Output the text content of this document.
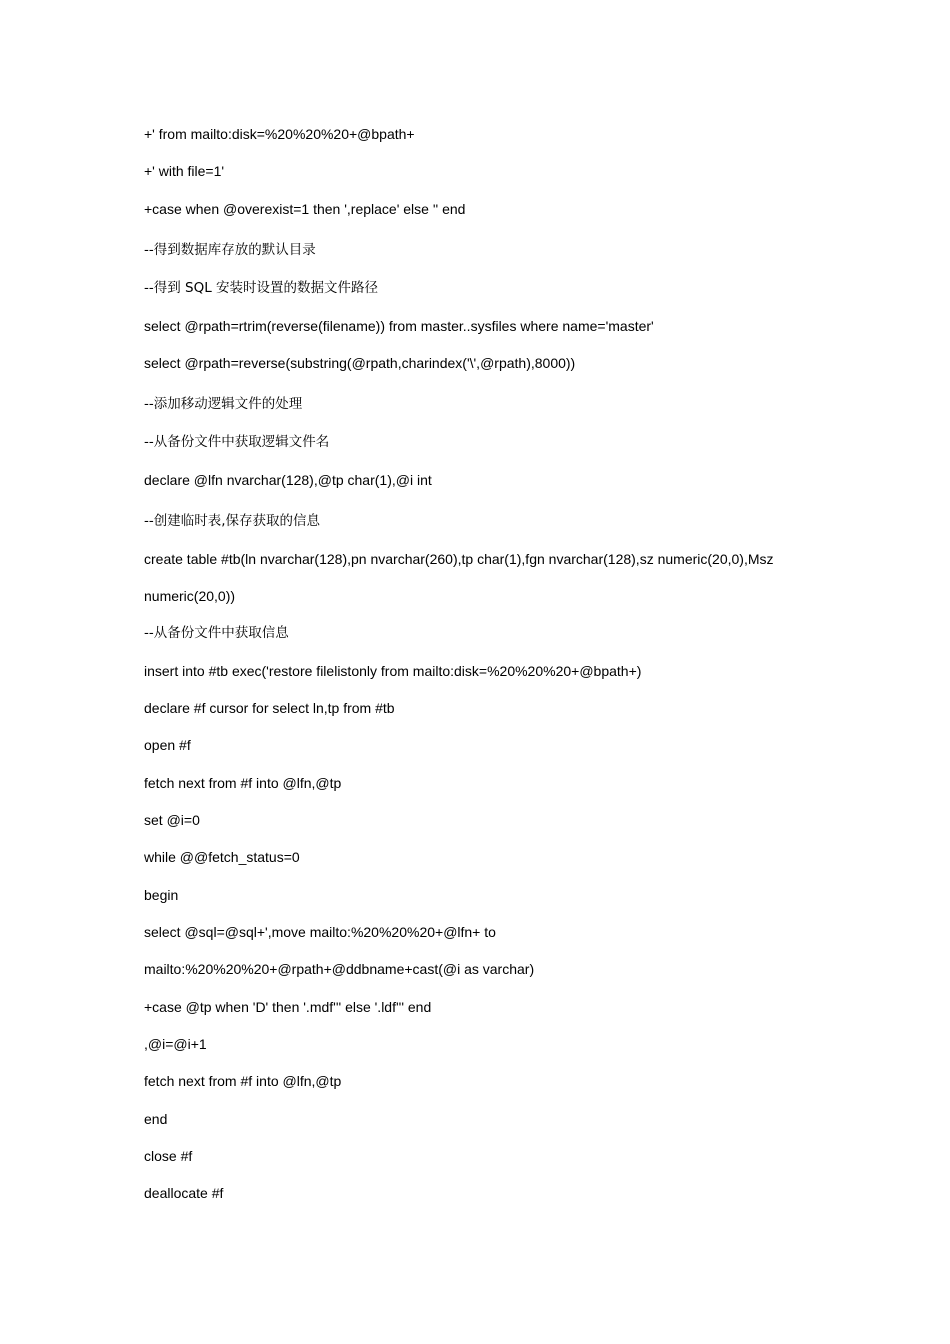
+' from mailto:disk=%20%20%20+@bpath+
+' with file=1'
+case when @overexist=1 then ',replace' else '' end
--得到数据库存放的默认目录
--得到 SQL 安装时设置的数据文件路径
select @rpath=rtrim(reverse(filename)) from master..sysfiles where name='master'
select @rpath=reverse(substring(@rpath,charindex('\',@rpath),8000))
--添加移动逻辑文件的处理
--从备份文件中获取逻辑文件名
declare @lfn nvarchar(128),@tp char(1),@i int
--创建临时表,保存获取的信息
create table #tb(ln nvarchar(128),pn nvarchar(260),tp char(1),fgn nvarchar(128),sz numeric(20,0),Msz
numeric(20,0))
--从备份文件中获取信息
insert into #tb exec('restore filelistonly from mailto:disk=%20%20%20+@bpath+)
declare #f cursor for select ln,tp from #tb
open #f
fetch next from #f into @lfn,@tp
set @i=0
while @@fetch_status=0
begin
select @sql=@sql+',move mailto:%20%20%20+@lfn+ to
mailto:%20%20%20+@rpath+@ddbname+cast(@i as varchar)
+case @tp when 'D' then '.mdf''' else '.ldf''' end
,@i=@i+1
fetch next from #f into @lfn,@tp
end
close #f
deallocate #f
